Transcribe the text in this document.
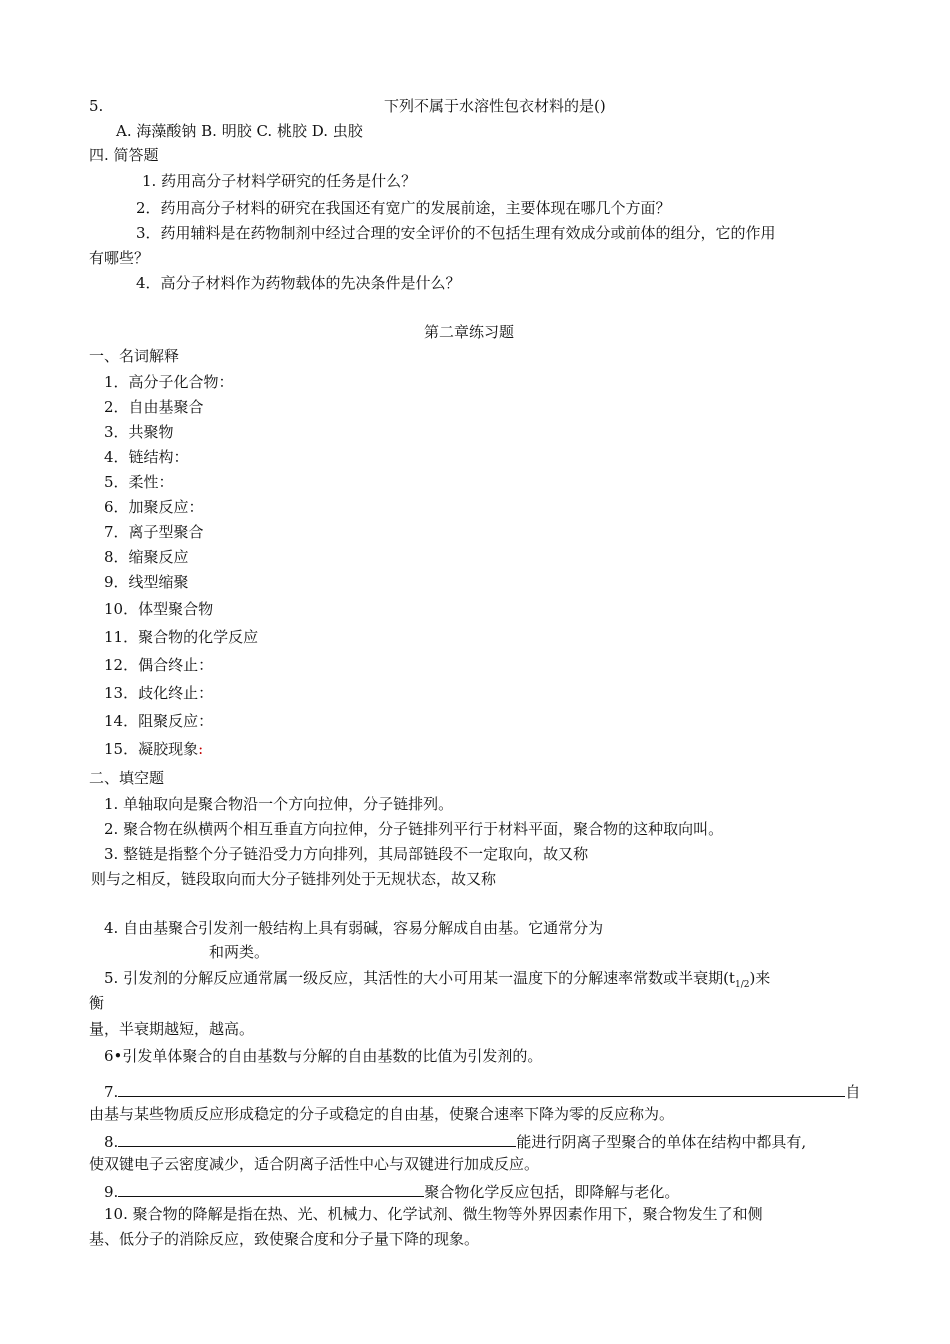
5.	下列不属于水溶性包衣材料的是()
A. 海藻酸钠 B. 明胶 C. 桃胶 D. 虫胶
四. 简答题
1. 药用高分子材料学研究的任务是什么？
2．药用高分子材料的研究在我国还有宽广的发展前途，主要体现在哪几个方面？
3．药用辅料是在药物制剂中经过合理的安全评价的不包括生理有效成分或前体的组分，它的作用
有哪些？
4．高分子材料作为药物载体的先决条件是什么？
第二章练习题
一、名词解释
1．高分子化合物：
2．自由基聚合
3．共聚物
4．链结构：
5．柔性：
6．加聚反应：
7．离子型聚合
8．缩聚反应
9．线型缩聚
10．体型聚合物
11．聚合物的化学反应
12．偶合终止：
13．歧化终止：
14．阻聚反应：
15．凝胶现象:
二、填空题
1. 单轴取向是聚合物沿一个方向拉伸，分子链排列。
2. 聚合物在纵横两个相互垂直方向拉伸，分子链排列平行于材料平面，聚合物的这种取向叫。
3. 整链是指整个分子链沿受力方向排列，其局部链段不一定取向，故又称
则与之相反，链段取向而大分子链排列处于无规状态，故又称
4. 自由基聚合引发剂一般结构上具有弱碱，容易分解成自由基。它通常分为
和两类。
5. 引发剂的分解反应通常属一级反应，其活性的大小可用某一温度下的分解速率常数或半衰期$(t_{1/2})$来
衡
量，半衰期越短，越高。
6•引发单体聚合的自由基数与分解的自由基数的比值为引发剂的。
7.	自
由基与某些物质反应形成稳定的分子或稳定的自由基，使聚合速率下降为零的反应称为。
8.	能进行阴离子型聚合的单体在结构中都具有,
使双键电子云密度减少，适合阴离子活性中心与双键进行加成反应。
9.	聚合物化学反应包括，即降解与老化。
10. 聚合物的降解是指在热、光、机械力、化学试剂、微生物等外界因素作用下，聚合物发生了和侧
基、低分子的消除反应，致使聚合度和分子量下降的现象。
